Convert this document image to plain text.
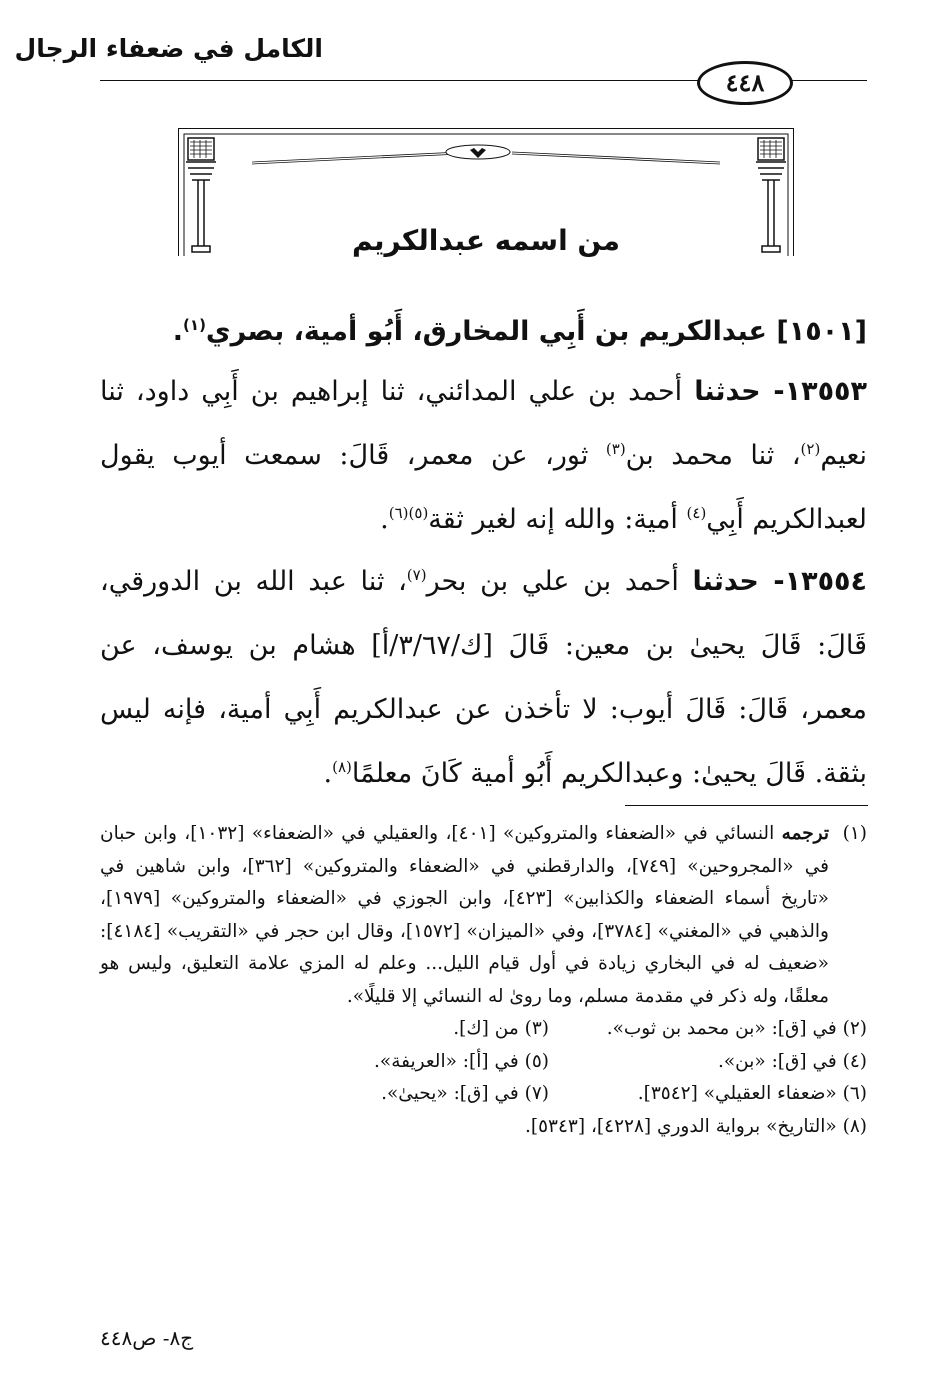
الكامل في ضعفاء الرجال
٤٤٨
من اسمه عبدالكريم
[١٥٠١] عبدالكريم بن أَبِي المخارق، أَبُو أمية، بصري$^{(١)}$.
١٣٥٥٣- حدثنا أحمد بن علي المدائني، ثنا إبراهيم بن أَبِي داود، ثنا نعيم$^{(٢)}$، ثنا محمد بن$^{(٣)}$ ثور، عن معمر، قَالَ: سمعت أيوب يقول لعبدالكريم أَبِي$^{(٤)}$ أمية: والله إنه لغير ثقة$^{(٥)(٦)}$.
١٣٥٥٤- حدثنا أحمد بن علي بن بحر$^{(٧)}$، ثنا عبد الله بن الدورقي، قَالَ: قَالَ يحيىٰ بن معين: قَالَ [ك/٣/٦٧/أ] هشام بن يوسف، عن معمر، قَالَ: قَالَ أيوب: لا تأخذن عن عبدالكريم أَبِي أمية، فإنه ليس بثقة. قَالَ يحيىٰ: وعبدالكريم أَبُو أمية كَانَ معلمًا$^{(٨)}$.
(١)
ترجمه النسائي في «الضعفاء والمتروكين» [٤٠١]، والعقيلي في «الضعفاء» [١٠٣٢]، وابن حبان في «المجروحين» [٧٤٩]، والدارقطني في «الضعفاء والمتروكين» [٣٦٢]، وابن شاهين في «تاريخ أسماء الضعفاء والكذابين» [٤٢٣]، وابن الجوزي في «الضعفاء والمتروكين» [١٩٧٩]، والذهبي في «المغني» [٣٧٨٤]، وفي «الميزان» [١٥٧٢]، وقال ابن حجر في «التقريب» [٤١٨٤]: «ضعيف له في البخاري زيادة في أول قيام الليل... وعلم له المزي علامة التعليق، وليس هو معلقًا، وله ذكر في مقدمة مسلم، وما روىٰ له النسائي إلا قليلًا».
(٢) في [ق]: «بن محمد بن ثوب».
(٣) من [ك].
(٤) في [ق]: «بن».
(٥) في [أ]: «العريفة».
(٦) «ضعفاء العقيلي» [٣٥٤٢].
(٧) في [ق]: «يحيىٰ».
(٨) «التاريخ» برواية الدوري [٤٢٢٨]، [٥٣٤٣].
ج٨- ص٤٤٨
